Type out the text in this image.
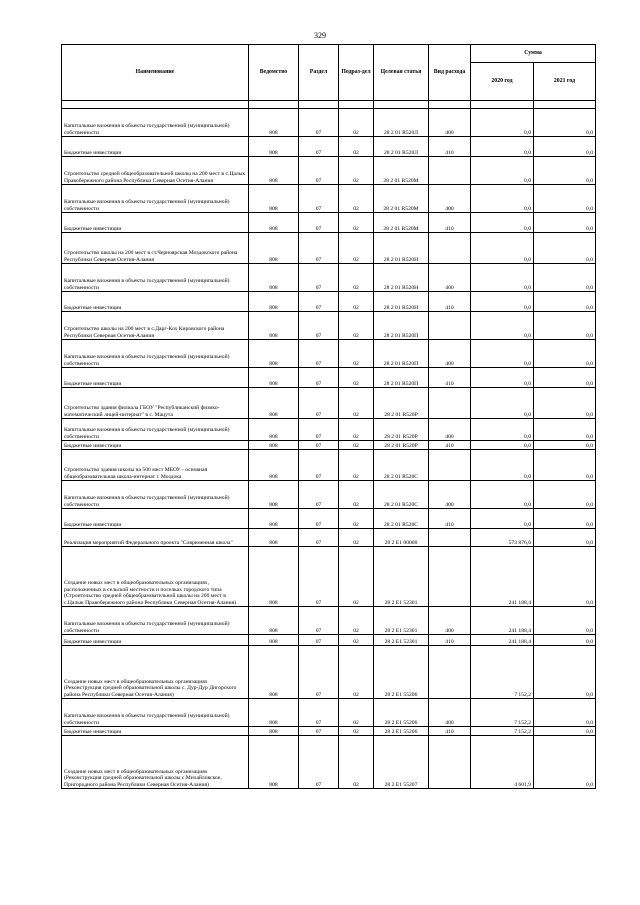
329
Наименование	Ведомство	Раздел	Подраз-дел	Целевая статья	Вид расхода	Сумма	
						2020 год	2021 год

Капитальные вложения в объекты государственной (муниципальной) собственности	808	07	02	28 2 01 R520Л	400	0,0	0,0
Бюджетные инвестиции	808	07	02	28 2 01 R520Л	410	0,0	0,0
Строительство средней общеобразовательной школы на 200 мест в с.Цалык Правобережного района Республики Северная Осетия-Алания	808	07	02	28 2 01 R520М		0,0	0,0
Капитальные вложения в объекты государственной (муниципальной) собственности	808	07	02	28 2 01 R520М	400	0,0	0,0
Бюджетные инвестиции	808	07	02	28 2 01 R520М	410	0,0	0,0
Строительство школы на 200 мест в ст.Черноярская Моздокского района Республики Северная Осетия-Алания	808	07	02	28 2 01 R520Н		0,0	0,0
Капитальные вложения в объекты государственной (муниципальной) собственности	808	07	02	28 2 01 R520Н	400	0,0	0,0
Бюджетные инвестиции	808	07	02	28 2 01 R520Н	410	0,0	0,0
Строительство школы на 200 мест в с.Дарг-Кох Кировского района Республики Северная Осетия-Алания	808	07	02	28 2 01 R520П		0,0	0,0
Капитальные вложения в объекты государственной (муниципальной) собственности	808	07	02	28 2 01 R520П	400	0,0	0,0
Бюджетные инвестиции	808	07	02	28 2 01 R520П	410	0,0	0,0
Строительство здания филиала ГБОУ "Республиканский физико-математический лицей-интернат" в с. Мацута	808	07	02	28 2 01 R520Р		0,0	0,0
Капитальные вложения в объекты государственной (муниципальной) собственности	808	07	02	28 2 01 R520Р	400	0,0	0,0
Бюджетные инвестиции	808	07	02	28 2 01 R520Р	410	0,0	0,0
Строительство здания школы на 500 мест МБОУ - основная общеобразовательная школа-интернат г. Моздока	808	07	02	28 2 01 R520С		0,0	0,0
Капитальные вложения в объекты государственной (муниципальной) собственности	808	07	02	28 2 01 R520С	400	0,0	0,0
Бюджетные инвестиции	808	07	02	28 2 01 R520С	410	0,0	0,0
Реализация мероприятий Федерального проекта "Современная школа"	808	07	02	28 2 E1 00000		573 876,6	0,0
Создание новых мест в общеобразовательных организациях, расположенных в сельской местности и поселках городского типа (Строительство средней общеобразовательной школы на 200 мест в с.Цалык Правобережного района Республики Северная Осетия-Алания)	808	07	02	28 2 E1 52301		241 188,4	0,0
Капитальные вложения в объекты государственной (муниципальной) собственности	808	07	02	28 2 E1 52301	400	241 188,4	0,0
Бюджетные инвестиции	808	07	02	28 2 E1 52301	410	241 188,4	0,0
Создание новых мест в общеобразовательных организациях (Реконструкция средней образовательной школы с. Дур-Дур Дигорского района Республики Северная Осетия-Алания)	808	07	02	28 2 E1 55206		7 152,2	0,0
Капитальные вложения в объекты государственной (муниципальной) собственности	808	07	02	28 2 E1 55206	400	7 152,2	0,0
Бюджетные инвестиции	808	07	02	28 2 E1 55206	410	7 152,2	0,0
Создание новых мест в общеобразовательных организациях (Реконструкция средней образовательной школы с.Михайловское, Пригородного района Республики Северная Осетия-Алания)	808	07	02	28 2 E1 55207		4 601,9	0,0
